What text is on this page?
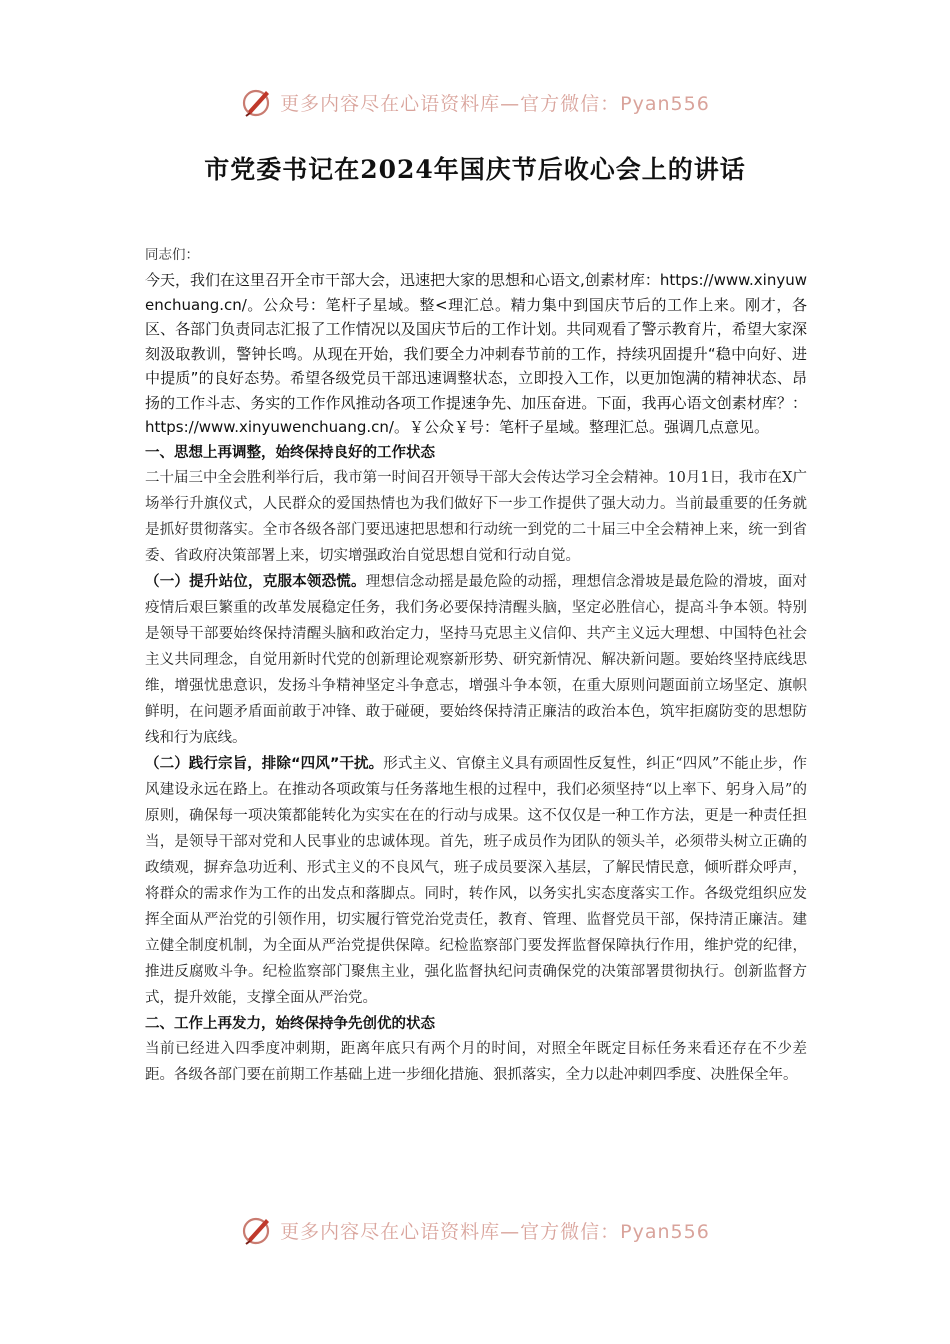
更多内容尽在心语资料库—官方微信：Pyan556
市党委书记在2024年国庆节后收心会上的讲话
同志们：

今天，我们在这里召开全市干部大会，迅速把大家的思想和心语文,创素材库：https://www.xinyuwenchuang.cn/。公众号：笔杆子星域。整<理汇总。精力集中到国庆节后的工作上来。刚才，各区、各部门负责同志汇报了工作情况以及国庆节后的工作计划。共同观看了警示教育片，希望大家深刻汲取教训，警钟长鸣。从现在开始，我们要全力冲刺春节前的工作，持续巩固提升“稳中向好、进中提质”的良好态势。希望各级党员干部迅速调整状态，立即投入工作，以更加饱满的精神状态、昂扬的工作斗志、务实的工作作风推动各项工作提速争先、加压奋进。下面，我再心语文创素材库？：https://www.xinyuwenchuang.cn/。￥公众￥号：笔杆子星域。整理汇总。强调几点意见。

一、思想上再调整，始终保持良好的工作状态

二十届三中全会胜利举行后，我市第一时间召开领导干部大会传达学习全会精神。10月1日，我市在X广场举行升旗仪式，人民群众的爱国热情也为我们做好下一步工作提供了强大动力。当前最重要的任务就是抓好贯彻落实。全市各级各部门要迅速把思想和行动统一到党的二十届三中全会精神上来，统一到省委、省政府决策部署上来，切实增强政治自觉思想自觉和行动自觉。

（一）提升站位，克服本领恐慌。理想信念动摇是最危险的动摇，理想信念滑坡是最危险的滑坡，面对疫情后艰巨繁重的改革发展稳定任务，我们务必要保持清醒头脑，坚定必胜信心，提高斗争本领。特别是领导干部要始终保持清醒头脑和政治定力，坚持马克思主义信仰、共产主义远大理想、中国特色社会主义共同理念，自觉用新时代党的创新理论观察新形势、研究新情况、解决新问题。要始终坚持底线思维，增强忧患意识，发扬斗争精神坚定斗争意志，增强斗争本领，在重大原则问题面前立场坚定、旗帜鲜明，在问题矛盾面前敢于冲锋、敢于碰硬，要始终保持清正廉洁的政治本色，筑牢拒腐防变的思想防线和行为底线。

（二）践行宗旨，排除“四风”干扰。形式主义、官僚主义具有顽固性反复性，纠正“四风”不能止步，作风建设永远在路上。在推动各项政策与任务落地生根的过程中，我们必须坚持“以上率下、躬身入局”的原则，确保每一项决策都能转化为实实在在的行动与成果。这不仅仅是一种工作方法，更是一种责任担当，是领导干部对党和人民事业的忠诚体现。首先，班子成员作为团队的领头羊，必须带头树立正确的政绩观，摒弃急功近利、形式主义的不良风气，班子成员要深入基层，了解民情民意，倾听群众呼声，将群众的需求作为工作的出发点和落脚点。同时，转作风，以务实扎实态度落实工作。各级党组织应发挥全面从严治党的引领作用，切实履行管党治党责任，教育、管理、监督党员干部，保持清正廉洁。建立健全制度机制，为全面从严治党提供保障。纪检监察部门要发挥监督保障执行作用，维护党的纪律，推进反腐败斗争。纪检监察部门聚焦主业，强化监督执纪问责确保党的决策部署贯彻执行。创新监督方式，提升效能，支撑全面从严治党。

二、工作上再发力，始终保持争先创优的状态

当前已经进入四季度冲刺期，距离年底只有两个月的时间，对照全年既定目标任务来看还存在不少差距。各级各部门要在前期工作基础上进一步细化措施、狠抓落实，全力以赴冲刺四季度、决胜保全年。

更多内容尽在心语资料库—官方微信：Pyan556
